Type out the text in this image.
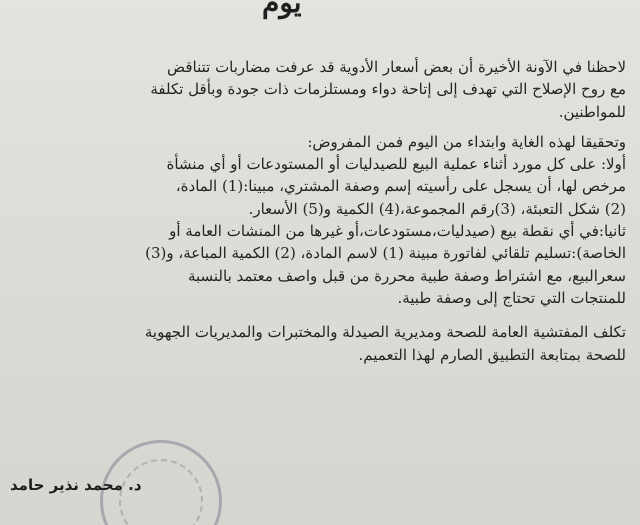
يوم

لاحظنا في الآونة الأخيرة أن بعض أسعار الأدوية قد عرفت مضاربات تتناقض
مع روح الإصلاح التي تهدف إلى إتاحة دواء ومستلزمات ذات جودة وبأقل تكلفة
للمواطنين.

وتحقيقا لهذه الغاية وابتداء من اليوم فمن المفروض:
أولا: على كل مورد أثناء عملية البيع للصيدليات أو المستودعات أو أي منشأة
مرخص لها، أن يسجل على رأسيته إسم وصفة المشتري، مبينا:(1) المادة،
(2) شكل التعبئة، (3)رقم المجموعة،(4) الكمية و(5) الأسعار.
ثانيا:في أي نقطة بيع (صيدليات،مستودعات،أو غيرها من المنشات العامة أو
الخاصة):تسليم تلقائي لفاتورة مبينة (1) لاسم المادة، (2) الكمية المباعة، و(3)
سعرالبيع، مع اشتراط وصفة طبية محررة من قبل واصف معتمد بالنسبة
للمنتجات التي تحتاج إلى وصفة طبية.

تكلف المفتشية العامة للصحة ومديرية الصيدلة والمختبرات والمديريات الجهوية
للصحة بمتابعة التطبيق الصارم لهذا التعميم.

د. محمد نذير حامد
